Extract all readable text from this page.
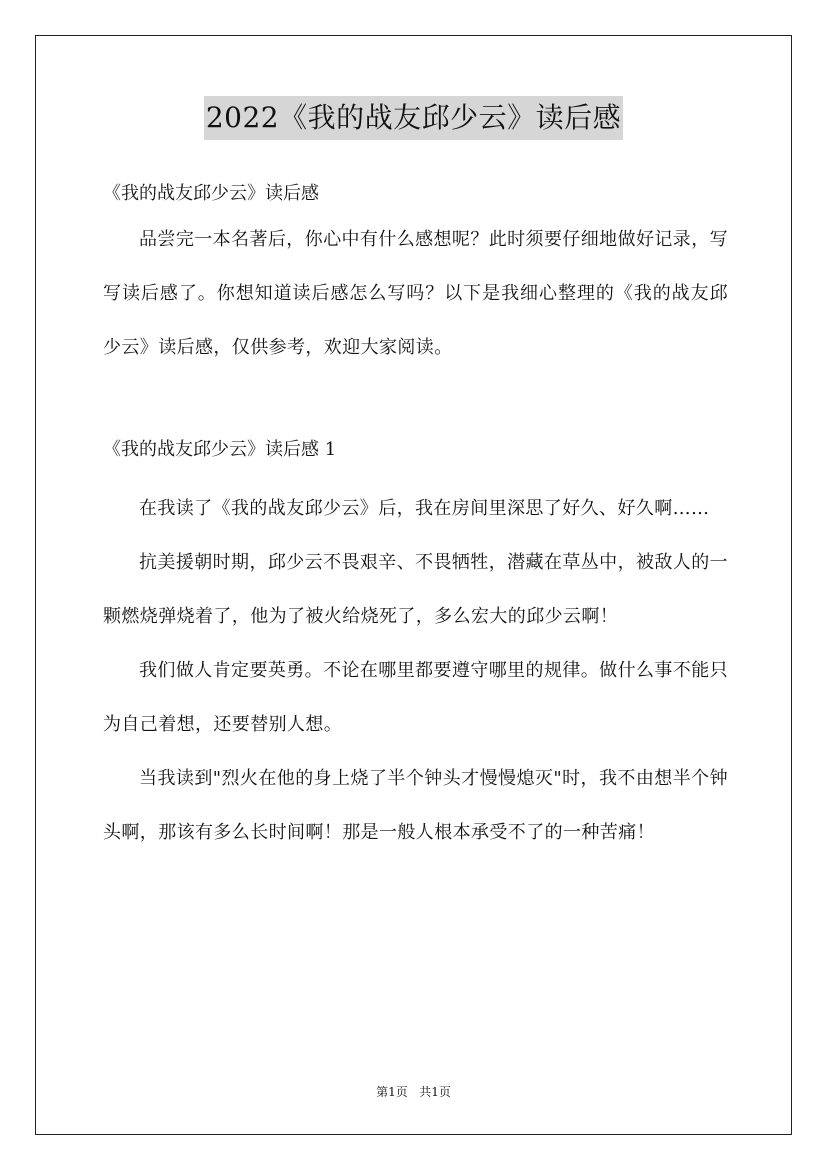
2022《我的战友邱少云》读后感

《我的战友邱少云》读后感

品尝完一本名著后，你心中有什么感想呢？此时须要仔细地做好记录，写写读后感了。你想知道读后感怎么写吗？以下是我细心整理的《我的战友邱少云》读后感，仅供参考，欢迎大家阅读。

《我的战友邱少云》读后感 1

在我读了《我的战友邱少云》后，我在房间里深思了好久、好久啊……

抗美援朝时期，邱少云不畏艰辛、不畏牺牲，潜藏在草丛中，被敌人的一颗燃烧弹烧着了，他为了被火给烧死了，多么宏大的邱少云啊！

我们做人肯定要英勇。不论在哪里都要遵守哪里的规律。做什么事不能只为自己着想，还要替别人想。

当我读到"烈火在他的身上烧了半个钟头才慢慢熄灭"时，我不由想半个钟头啊，那该有多么长时间啊！那是一般人根本承受不了的一种苦痛！

第1页 共1页
